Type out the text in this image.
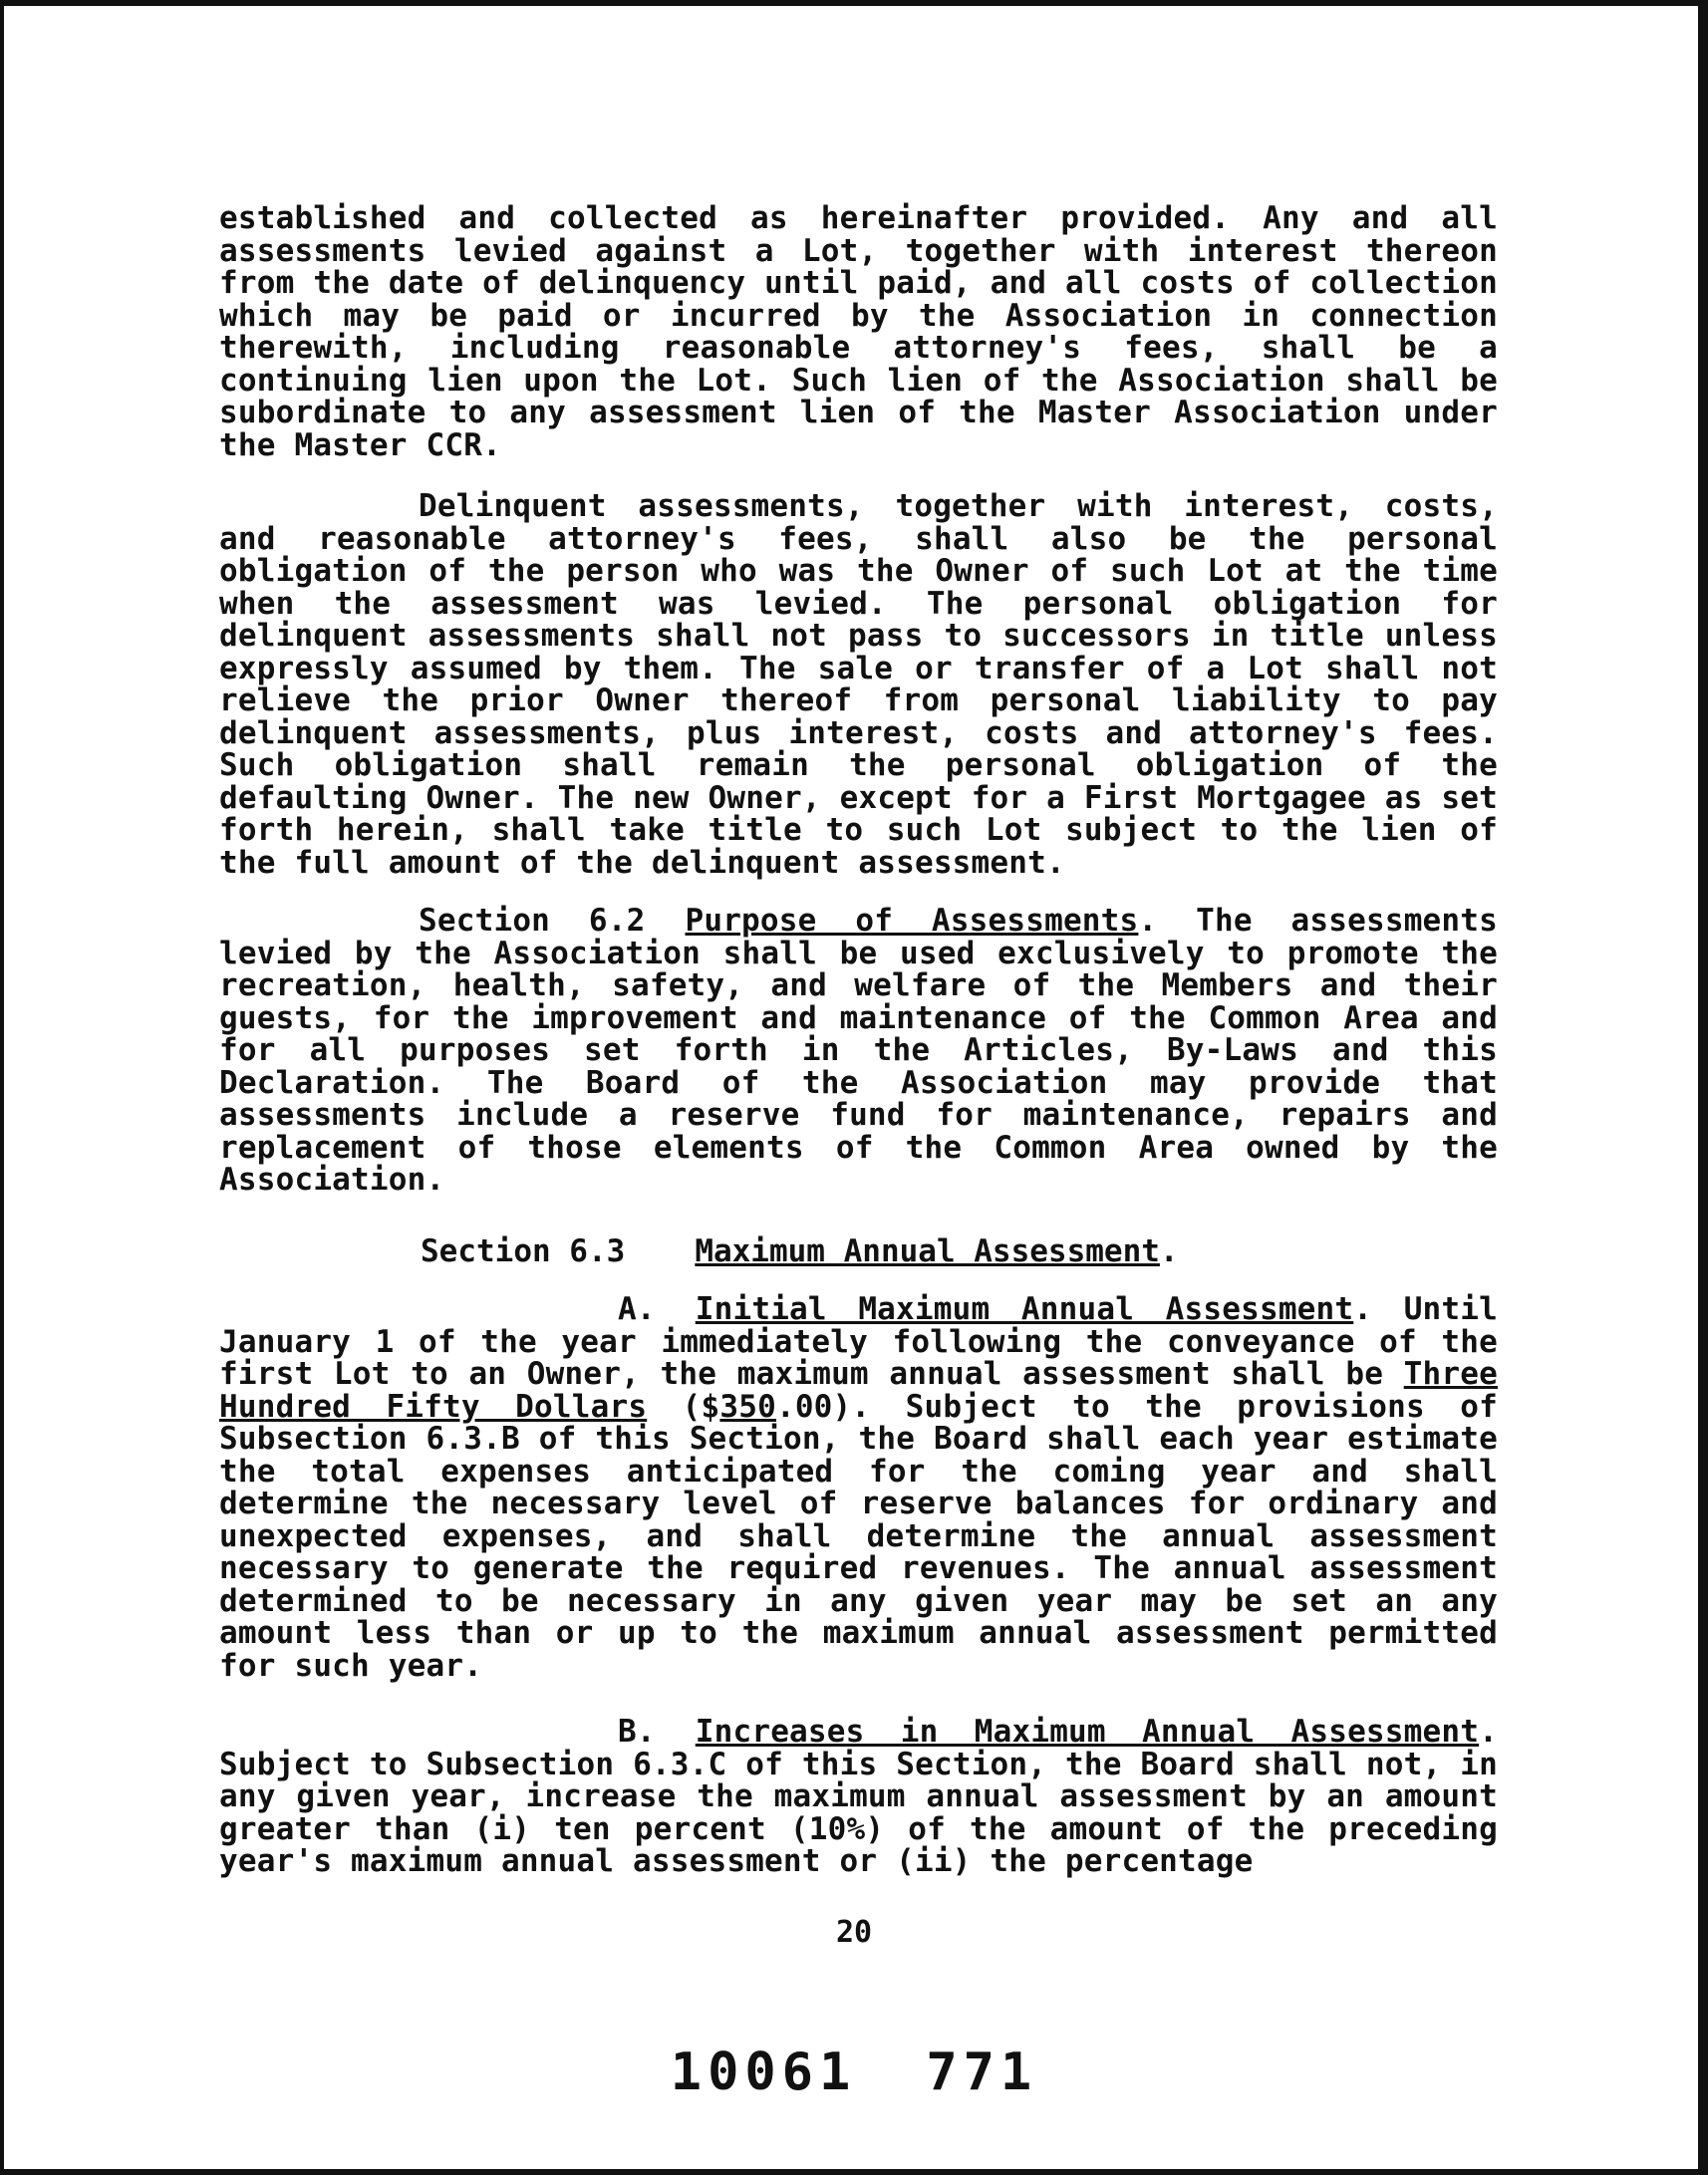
established and collected as hereinafter provided. Any and all assessments levied against a Lot, together with interest thereon from the date of delinquency until paid, and all costs of collection which may be paid or incurred by the Association in connection therewith, including reasonable attorney's fees, shall be a continuing lien upon the Lot. Such lien of the Association shall be subordinate to any assessment lien of the Master Association under the Master CCR.

Delinquent assessments, together with interest, costs, and reasonable attorney's fees, shall also be the personal obligation of the person who was the Owner of such Lot at the time when the assessment was levied. The personal obligation for delinquent assessments shall not pass to successors in title unless expressly assumed by them. The sale or transfer of a Lot shall not relieve the prior Owner thereof from personal liability to pay delinquent assessments, plus interest, costs and attorney's fees. Such obligation shall remain the personal obligation of the defaulting Owner. The new Owner, except for a First Mortgagee as set forth herein, shall take title to such Lot subject to the lien of the full amount of the delinquent assessment.

Section 6.2 Purpose of Assessments. The assessments levied by the Association shall be used exclusively to promote the recreation, health, safety, and welfare of the Members and their guests, for the improvement and maintenance of the Common Area and for all purposes set forth in the Articles, By-Laws and this Declaration. The Board of the Association may provide that assessments include a reserve fund for maintenance, repairs and replacement of those elements of the Common Area owned by the Association.

Section 6.3 Maximum Annual Assessment.

A. Initial Maximum Annual Assessment. Until January 1 of the year immediately following the conveyance of the first Lot to an Owner, the maximum annual assessment shall be Three Hundred Fifty Dollars ($350.00). Subject to the provisions of Subsection 6.3.B of this Section, the Board shall each year estimate the total expenses anticipated for the coming year and shall determine the necessary level of reserve balances for ordinary and unexpected expenses, and shall determine the annual assessment necessary to generate the required revenues. The annual assessment determined to be necessary in any given year may be set an any amount less than or up to the maximum annual assessment permitted for such year.

B. Increases in Maximum Annual Assessment. Subject to Subsection 6.3.C of this Section, the Board shall not, in any given year, increase the maximum annual assessment by an amount greater than (i) ten percent (10%) of the amount of the preceding year's maximum annual assessment or (ii) the percentage

20

10061 771
